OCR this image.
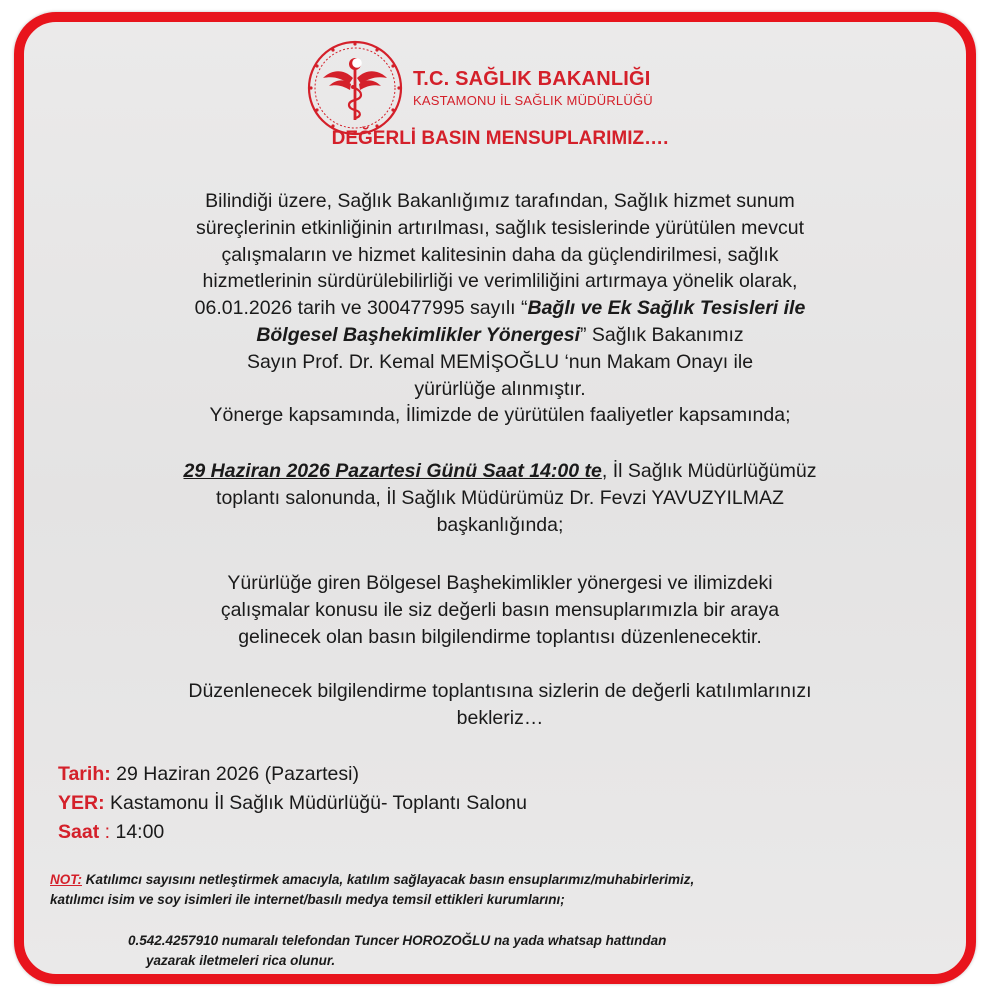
T.C. SAĞLIK BAKANLIĞI
KASTAMONU İL SAĞLIK MÜDÜRLÜĞÜ
DEĞERLİ BASIN MENSUPLARIMIZ….
Bilindiği üzere, Sağlık Bakanlığımız tarafından, Sağlık hizmet sunum
süreçlerinin etkinliğinin artırılması, sağlık tesislerinde yürütülen mevcut
çalışmaların ve hizmet kalitesinin daha da güçlendirilmesi, sağlık
hizmetlerinin sürdürülebilirliği ve verimliliğini artırmaya yönelik olarak,
06.01.2026 tarih ve 300477995 sayılı “Bağlı ve Ek Sağlık Tesisleri ile
Bölgesel Başhekimlikler Yönergesi” Sağlık Bakanımız
Sayın Prof. Dr. Kemal MEMİŞOĞLU ‘nun Makam Onayı ile
yürürlüğe alınmıştır.
Yönerge kapsamında, İlimizde de yürütülen faaliyetler kapsamında;
29 Haziran 2026 Pazartesi Günü Saat 14:00 te, İl Sağlık Müdürlüğümüz
toplantı salonunda, İl Sağlık Müdürümüz Dr. Fevzi YAVUZYILMAZ
başkanlığında;
Yürürlüğe giren Bölgesel Başhekimlikler yönergesi ve ilimizdeki
çalışmalar konusu ile siz değerli basın mensuplarımızla bir araya
gelinecek olan basın bilgilendirme toplantısı düzenlenecektir.
Düzenlenecek bilgilendirme toplantısına sizlerin de değerli katılımlarınızı
bekleriz…
Tarih: 29 Haziran 2026 (Pazartesi)
YER: Kastamonu İl Sağlık Müdürlüğü- Toplantı Salonu
Saat : 14:00
NOT: Katılımcı sayısını netleştirmek amacıyla, katılım sağlayacak basın ensuplarımız/muhabirlerimiz,
katılımcı isim ve soy isimleri ile internet/basılı medya temsil ettikleri kurumlarını;
0.542.4257910 numaralı telefondan Tuncer HOROZOĞLU na yada whatsap hattından
yazarak iletmeleri rica olunur.
